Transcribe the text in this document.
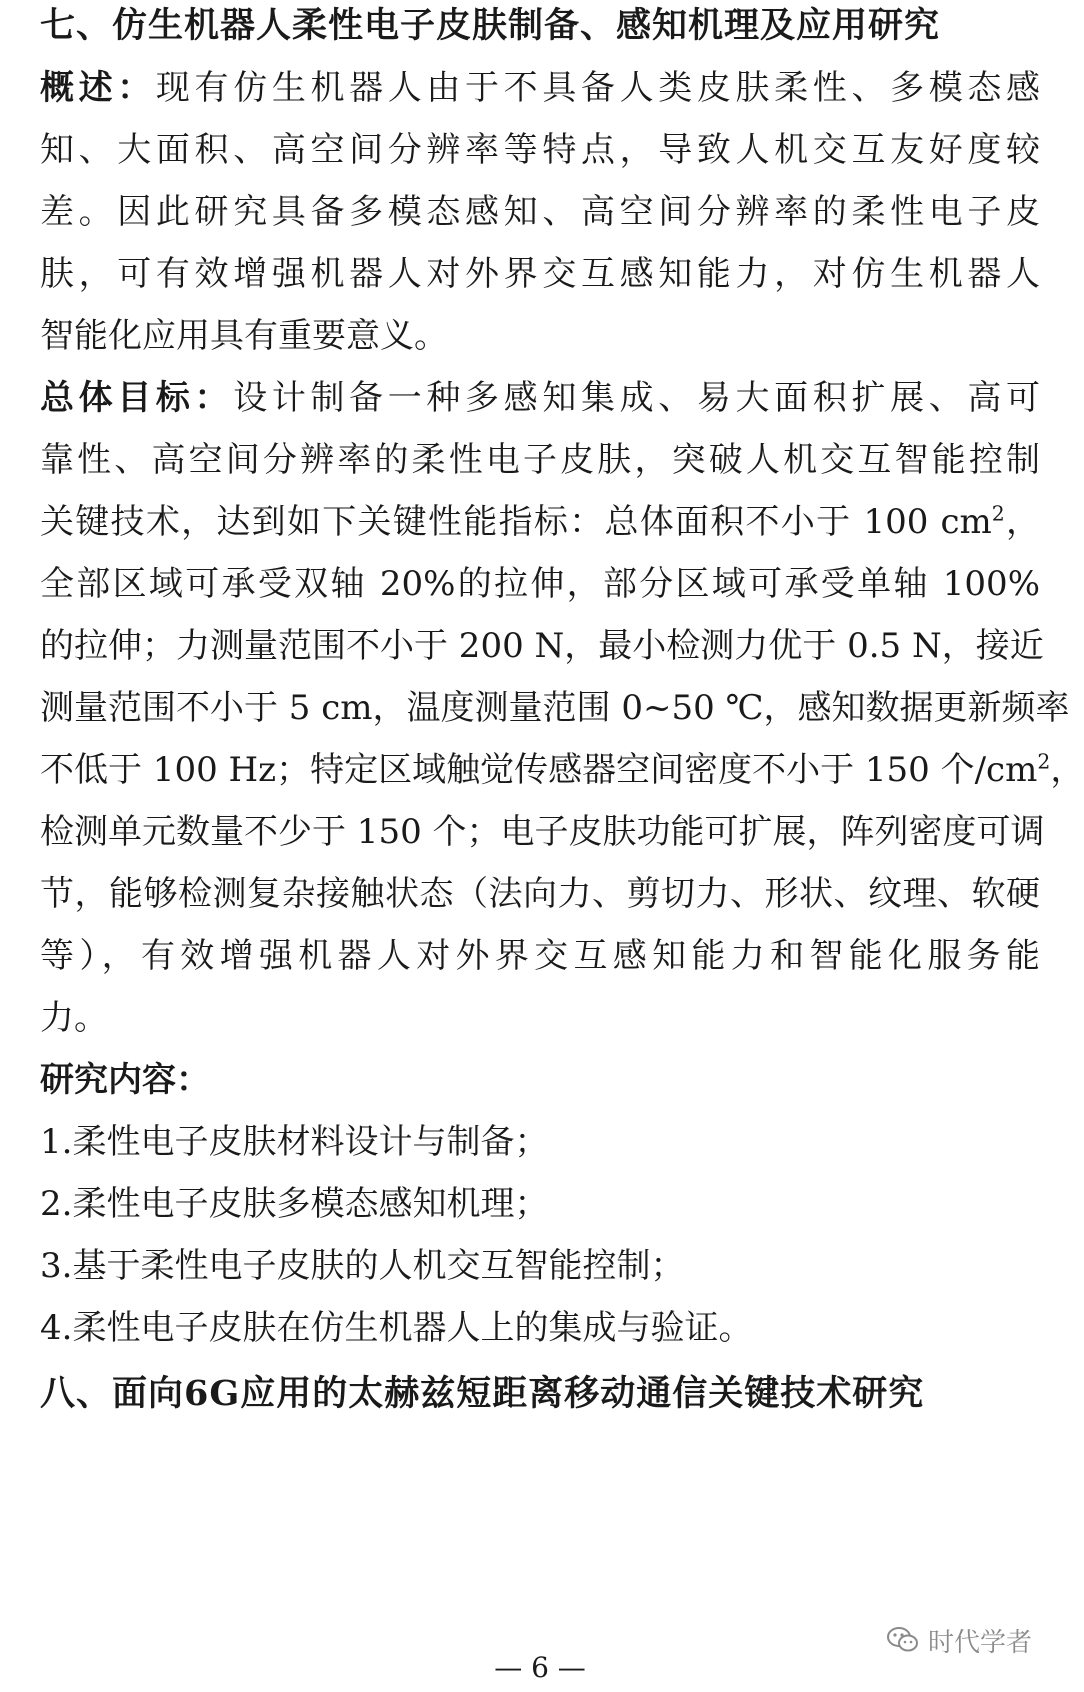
七、仿生机器人柔性电子皮肤制备、感知机理及应用研究
概述：现有仿生机器人由于不具备人类皮肤柔性、多模态感
知、大面积、高空间分辨率等特点，导致人机交互友好度较
差。因此研究具备多模态感知、高空间分辨率的柔性电子皮
肤，可有效增强机器人对外界交互感知能力，对仿生机器人
智能化应用具有重要意义。
总体目标：设计制备一种多感知集成、易大面积扩展、高可
靠性、高空间分辨率的柔性电子皮肤，突破人机交互智能控制
关键技术，达到如下关键性能指标：总体面积不小于 100 $cm^2$，
全部区域可承受双轴 20%的拉伸，部分区域可承受单轴 100%
的拉伸；力测量范围不小于 200 N，最小检测力优于 0.5 N，接近
测量范围不小于 5 cm，温度测量范围 0~50 ℃，感知数据更新频率
不低于 100 Hz；特定区域触觉传感器空间密度不小于 150 个$/cm^2$，
检测单元数量不少于 150 个；电子皮肤功能可扩展，阵列密度可调
节，能够检测复杂接触状态（法向力、剪切力、形状、纹理、软硬
等），有效增强机器人对外界交互感知能力和智能化服务能
力。
研究内容：
1.柔性电子皮肤材料设计与制备；
2.柔性电子皮肤多模态感知机理；
3.基于柔性电子皮肤的人机交互智能控制；
4.柔性电子皮肤在仿生机器人上的集成与验证。
八、面向6G应用的太赫兹短距离移动通信关键技术研究
时代学者
— 6 —
